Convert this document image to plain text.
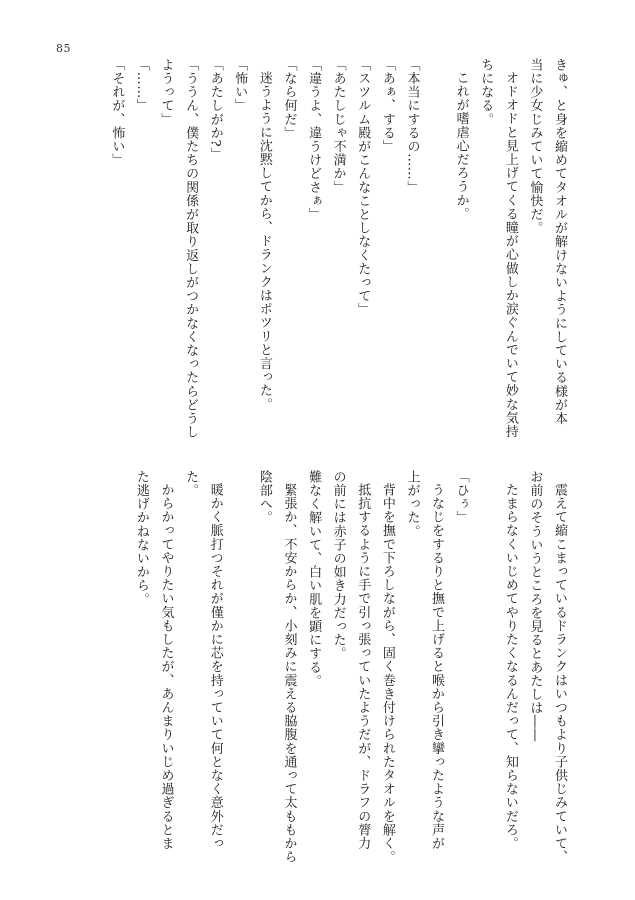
85
きゅ、と身を縮めてタオルが解けないようにしている様が本
当に少女じみていて愉快だ。
オドオドと見上げてくる瞳が心做しか涙ぐんでいて妙な気持
ちになる。
これが嗜虐心だろうか。
「本当にするの……」
「あぁ、する」
「スツルム殿がこんなことしなくたって」
「あたしじゃ不満か」
「違うよ、違うけどさぁ」
「なら何だ」
迷うように沈黙してから、ドランクはポツリと言った。
「怖い」
「あたしがか?」
「ううん、僕たちの関係が取り返しがつかなくなったらどうし
ようって」
「……」
「それが、怖い」
震えて縮こまっているドランクはいつもより子供じみていて、
お前のそういうところを見るとあたしは――
たまらなくいじめてやりたくなるんだって、知らないだろ。
「ひぅ」
うなじをするりと撫で上げると喉から引き攣ったような声が
上がった。
背中を撫で下ろしながら、固く巻き付けられたタオルを解く。
抵抗するように手で引っ張っていたようだが、ドラフの膂力
の前には赤子の如き力だった。
難なく解いて、白い肌を顕にする。
緊張か、不安からか、小刻みに震える脇腹を通って太ももから
陰部へ。
暖かく脈打つそれが僅かに芯を持っていて何となく意外だっ
た。
からかってやりたい気もしたが、あんまりいじめ過ぎるとま
た逃げかねないから。
